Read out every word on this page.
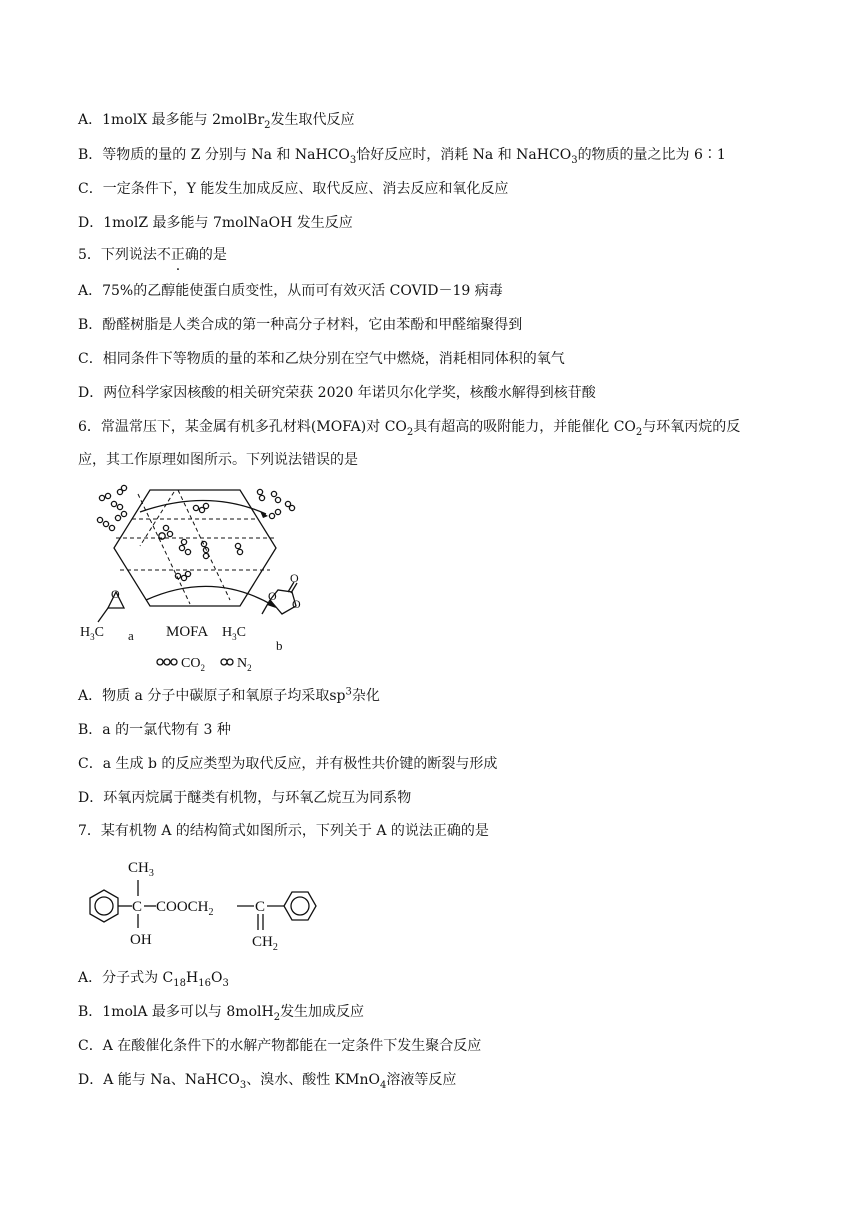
A．1molX 最多能与 2molBr$_2$发生取代反应
B．等物质的量的 Z 分别与 Na 和 NaHCO$_3$恰好反应时，消耗 Na 和 NaHCO$_3$的物质的量之比为 6∶1
C．一定条件下，Y 能发生加成反应、取代反应、消去反应和氧化反应
D．1molZ 最多能与 7molNaOH 发生反应
5．下列说法不正确的是
A．75%的乙醇能使蛋白质变性，从而可有效灭活 COVID－19 病毒
B．酚醛树脂是人类合成的第一种高分子材料，它由苯酚和甲醛缩聚得到
C．相同条件下等物质的量的苯和乙炔分别在空气中燃烧，消耗相同体积的氧气
D．两位科学家因核酸的相关研究荣获 2020 年诺贝尔化学奖，核酸水解得到核苷酸
6．常温常压下，某金属有机多孔材料(MOFA)对 $CO_2$具有超高的吸附能力，并能催化 $CO_2$与环氧丙烷的反
应，其工作原理如图所示。下列说法错误的是
O
$H_3C$ a MOFA
O
O
O
$H_3C$
b
$CO_2$ $N_2$
A．物质 a 分子中碳原子和氧原子均采取$sp^3$杂化
B．a 的一氯代物有 3 种
C．a 生成 b 的反应类型为取代反应，并有极性共价键的断裂与形成
D．环氧丙烷属于醚类有机物，与环氧乙烷互为同系物
7．某有机物 A 的结构简式如图所示，下列关于 A 的说法正确的是
C
$CH_3$
OH
$COOCH_2$	C
$CH_2$
A．分子式为 $C_{18}H_{16}O_3$
B．1molA 最多可以与 8molH$_2$发生加成反应
C．A 在酸催化条件下的水解产物都能在一定条件下发生聚合反应
D．A 能与 Na、NaHCO$_3$、溴水、酸性 KMnO$_4$溶液等反应
